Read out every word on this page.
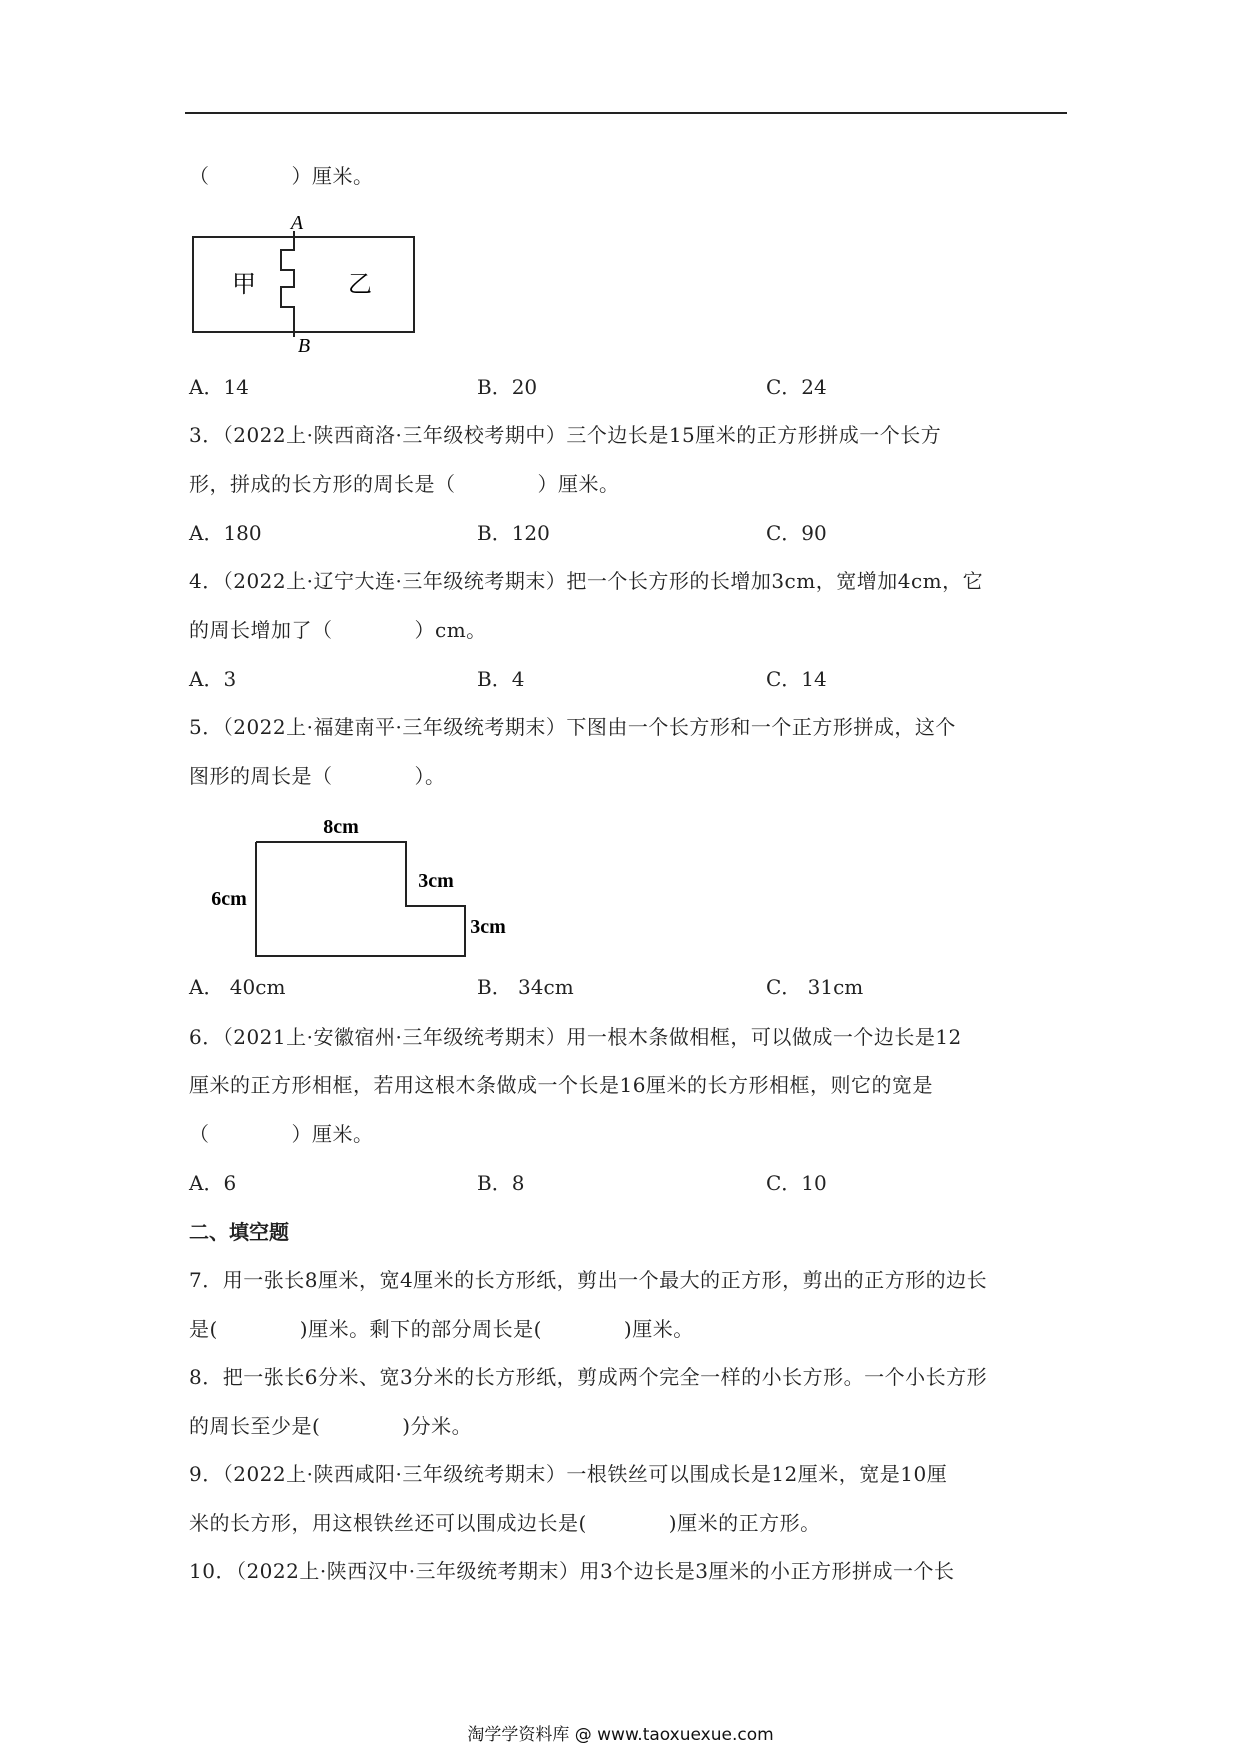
（　　　　）厘米。
A
B
甲	乙
A．14	B．20	C．24
3．（2022上·陕西商洛·三年级校考期中）三个边长是15厘米的正方形拼成一个长方
形，拼成的长方形的周长是（　　　　）厘米。
A．180	B．120	C．90
4．（2022上·辽宁大连·三年级统考期末）把一个长方形的长增加3cm，宽增加4cm，它
的周长增加了（　　　　）cm。
A．3	B．4	C．14
5．（2022上·福建南平·三年级统考期末）下图由一个长方形和一个正方形拼成，这个
图形的周长是（　　　　）。
8cm
6cm
3cm
3cm
A． 40cm	B． 34cm	C． 31cm
6．（2021上·安徽宿州·三年级统考期末）用一根木条做相框，可以做成一个边长是12
厘米的正方形相框，若用这根木条做成一个长是16厘米的长方形相框，则它的宽是
（　　　　）厘米。
A．6	B．8	C．10
二、填空题
7．用一张长8厘米，宽4厘米的长方形纸，剪出一个最大的正方形，剪出的正方形的边长
是(　　　　)厘米。剩下的部分周长是(　　　　)厘米。
8．把一张长6分米、宽3分米的长方形纸，剪成两个完全一样的小长方形。一个小长方形
的周长至少是(　　　　)分米。
9．（2022上·陕西咸阳·三年级统考期末）一根铁丝可以围成长是12厘米，宽是10厘
米的长方形，用这根铁丝还可以围成边长是(　　　　)厘米的正方形。
10．（2022上·陕西汉中·三年级统考期末）用3个边长是3厘米的小正方形拼成一个长
淘学学资料库 @ www.taoxuexue.com
